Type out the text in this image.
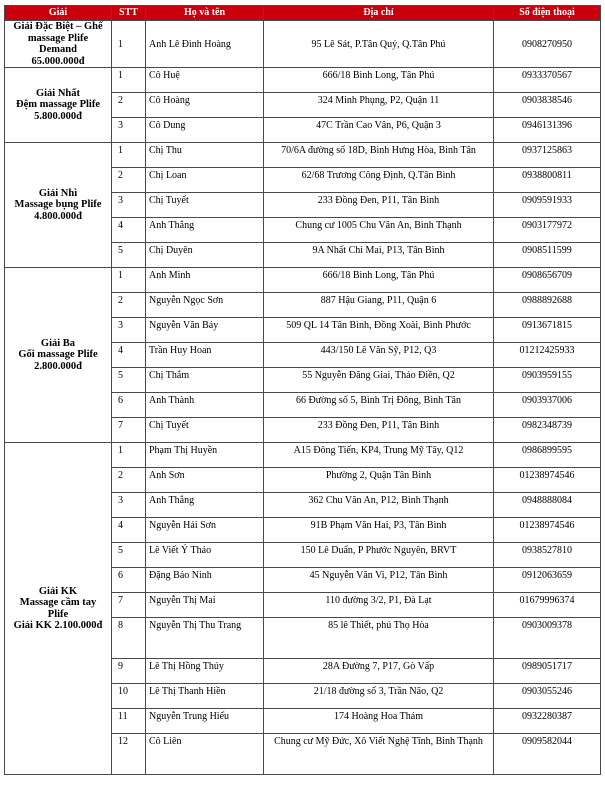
Giải	STT	Họ và tên	Địa chỉ	Số điện thoại

Giải Đặc Biệt – Ghế
massage Plife
Demand
65.000.000đ	1	Anh Lê Đình Hoàng	95 Lê Sát, P.Tân Quý, Q.Tân Phú	0908270950

Giải Nhất
Đệm massage Plife
5.800.000đ	1	Cô Huệ	666/18 Bình Long, Tân Phú	0933370567
	2	Cô Hoàng	324 Minh Phụng, P2, Quận 11	0903838546
	3	Cô Dung	47C Trần Cao Vân, P6, Quận 3	0946131396

Giải Nhì
Massage bụng Plife
4.800.000đ	1	Chị Thu	70/6A đường số 18D, Bình Hưng Hòa, Bình Tân	0937125863
	2	Chị Loan	62/68 Trương Công Định, Q.Tân Bình	0938800811
	3	Chị Tuyết	233 Đồng Đen, P11, Tân Bình	0909591933
	4	Anh Thắng	Chung cư 1005 Chu Văn An, Bình Thạnh	0903177972
	5	Chị Duyên	9A Nhất Chi Mai, P13, Tân Bình	0908511599

Giải Ba
Gối massage Plife
2.800.000đ	1	Anh Minh	666/18 Bình Long, Tân Phú	0908656709
	2	Nguyễn Ngọc Sơn	887 Hậu Giang, P11, Quận 6	0988892688
	3	Nguyễn Văn Bảy	509 QL 14 Tân Bình, Đồng Xoài, Bình Phước	0913671815
	4	Trần Huy Hoan	443/150 Lê Văn Sỹ, P12, Q3	01212425933
	5	Chị Thắm	55 Nguyễn Đăng Giai, Thảo Điền, Q2	0903959155
	6	Anh Thành	66 Đường số 5, Bình Trị Đông, Bình Tân	0903937006
	7	Chị Tuyết	233 Đồng Đen, P11, Tân Bình	0982348739

Giải KK
Massage cầm tay
Plife
Giải KK 2.100.000đ	1	Phạm Thị Huyền	A15 Đông Tiến, KP4, Trung Mỹ Tây, Q12	0986899595
	2	Anh Sơn	Phường 2, Quận Tân Bình	01238974546
	3	Anh Thắng	362 Chu Văn An, P12, Bình Thạnh	0948888084
	4	Nguyễn Hải Sơn	91B Phạm Văn Hai, P3, Tân Bình	01238974546
	5	Lê Viết Ý Thảo	150 Lê Duẩn, P Phước Nguyên, BRVT	0938527810
	6	Đặng Bảo Ninh	45 Nguyễn Văn Vi, P12, Tân Bình	0912063659
	7	Nguyễn Thị Mai	110 đường 3/2, P1, Đà Lạt	01679996374
	8	Nguyễn Thị Thu Trang	85 lê Thiết, phú Thọ Hòa	0903009378
	9	Lê Thị Hồng Thúy	28A Đường 7, P17, Gò Vấp	0989051717
	10	Lê Thị Thanh Hiền	21/18 đường số 3, Trần Não, Q2	0903055246
	11	Nguyễn Trung Hiếu	174 Hoàng Hoa Thám	0932280387
	12	Cô Liên	Chung cư Mỹ Đức, Xô Viết Nghệ Tĩnh, Bình Thạnh	0909582044
